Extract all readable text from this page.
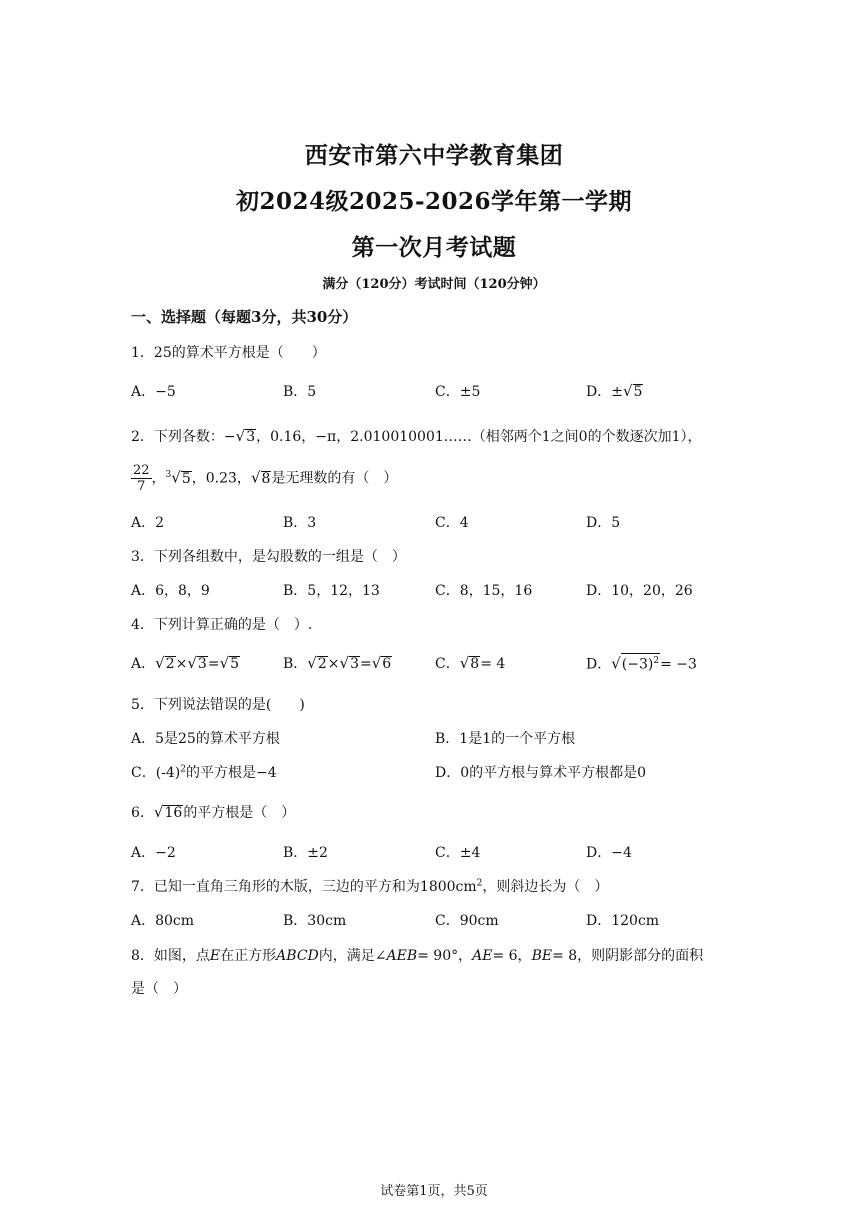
西安市第六中学教育集团
初2024级2025-2026学年第一学期
第一次月考试题
满分（120分）考试时间（120分钟）
一、选择题（每题3分，共30分）
1．25的算术平方根是（　　）
A．−5	B．5	C．±5	D．±√5
2．下列各数：−√3，0.16，−π，2.010010001……（相邻两个1之间0的个数逐次加1），
$\frac{22}{7}$ ，$^3$√5，0.23̇，√8是无理数的有（　）
A．2	B．3	C．4	D．5
3．下列各组数中，是勾股数的一组是（　）
A．6，8，9	B．5，12，13	C．8，15，16	D．10，20，26
4．下列计算正确的是（　）.
A．√2×√3=√5	B．√2×√3=√6	C．√8= 4	D．$√(-3)^2= -3$
5．下列说法错误的是(　　)
A．5是25的算术平方根	B．1是1的一个平方根
C．$(-4)^2$的平方根是−4	D．0的平方根与算术平方根都是0
6．√16的平方根是（　）
A．−2	B．±2	C．±4	D．−4
7．已知一直角三角形的木版，三边的平方和为$1800cm^2$，则斜边长为（　）
A．80cm	B．30cm	C．90cm	D．120cm
8．如图，点E在正方形ABCD内，满足∠AEB= 90°，AE= 6，BE= 8，则阴影部分的面积
是（　）
试卷第1页，共5页
